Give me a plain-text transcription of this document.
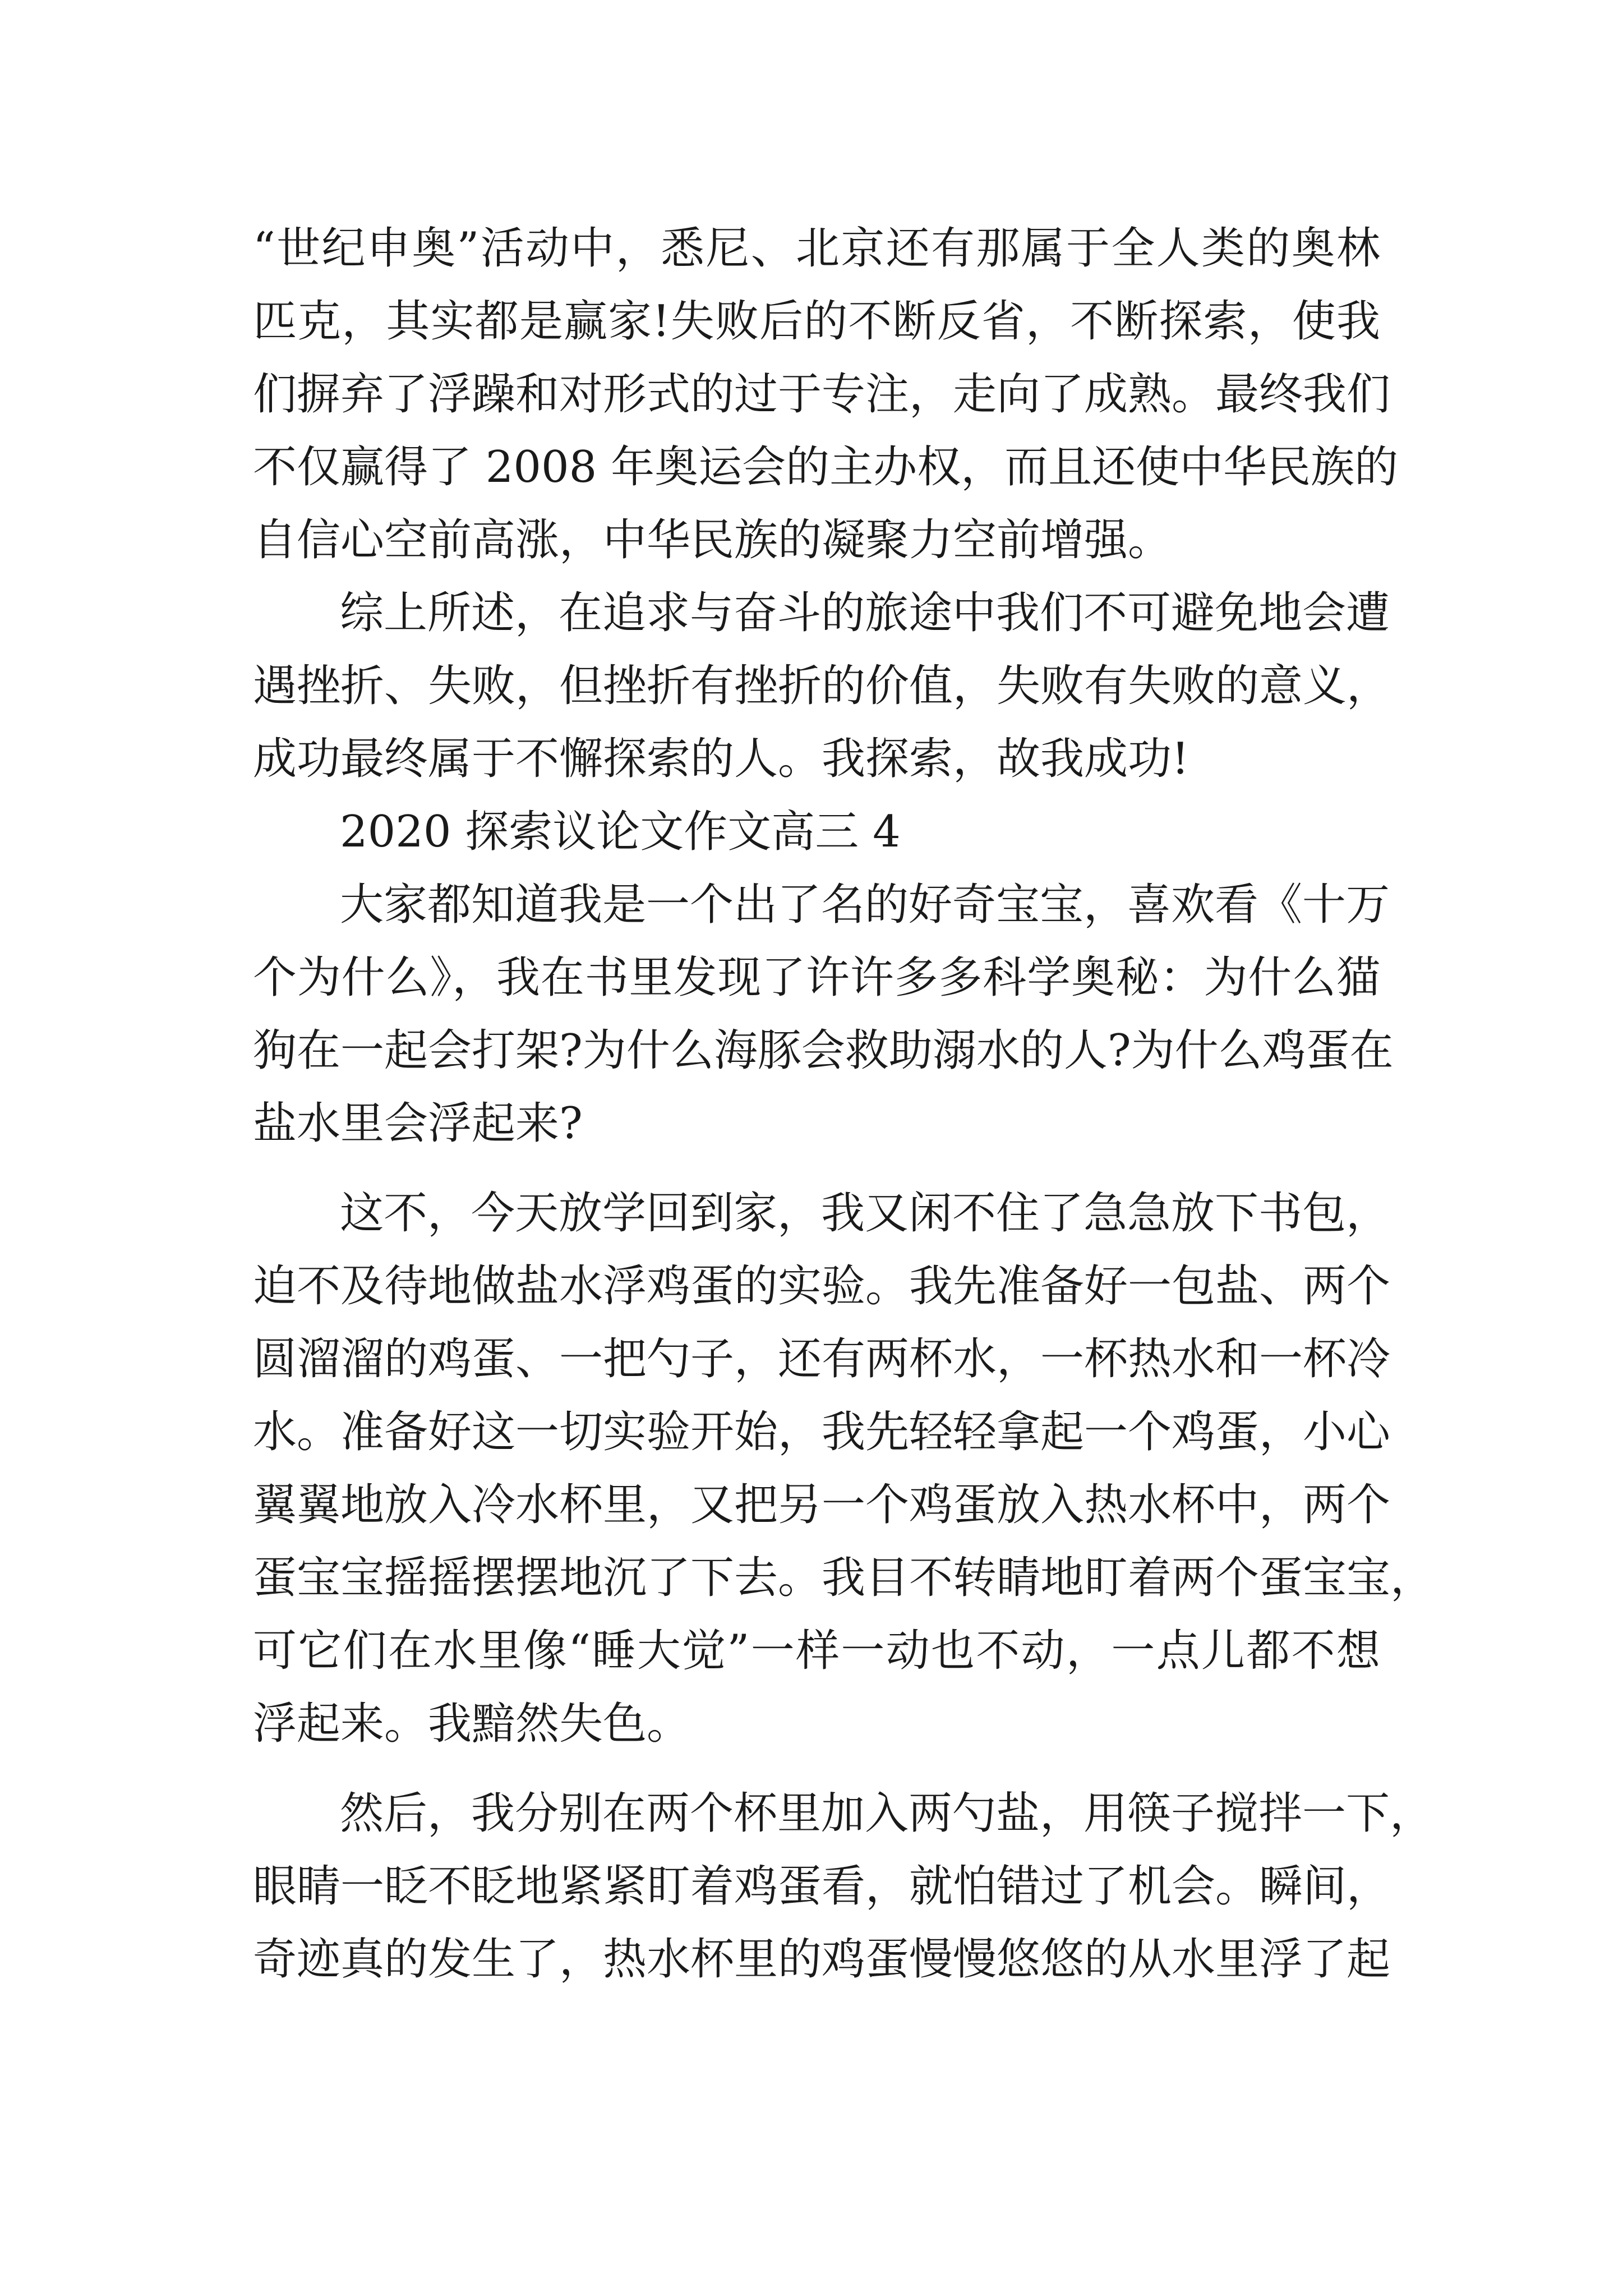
“世纪申奥”活动中，悉尼、北京还有那属于全人类的奥林
匹克，其实都是赢家!失败后的不断反省，不断探索，使我
们摒弃了浮躁和对形式的过于专注，走向了成熟。最终我们
不仅赢得了 2008 年奥运会的主办权，而且还使中华民族的
自信心空前高涨，中华民族的凝聚力空前增强。
综上所述，在追求与奋斗的旅途中我们不可避免地会遭
遇挫折、失败，但挫折有挫折的价值，失败有失败的意义，
成功最终属于不懈探索的人。我探索，故我成功!
2020 探索议论文作文高三 4
大家都知道我是一个出了名的好奇宝宝，喜欢看《十万
个为什么》，我在书里发现了许许多多科学奥秘：为什么猫
狗在一起会打架?为什么海豚会救助溺水的人?为什么鸡蛋在
盐水里会浮起来?
这不，今天放学回到家，我又闲不住了急急放下书包，
迫不及待地做盐水浮鸡蛋的实验。我先准备好一包盐、两个
圆溜溜的鸡蛋、一把勺子，还有两杯水，一杯热水和一杯冷
水。准备好这一切实验开始，我先轻轻拿起一个鸡蛋，小心
翼翼地放入冷水杯里，又把另一个鸡蛋放入热水杯中，两个
蛋宝宝摇摇摆摆地沉了下去。我目不转睛地盯着两个蛋宝宝，
可它们在水里像“睡大觉”一样一动也不动，一点儿都不想
浮起来。我黯然失色。
然后，我分别在两个杯里加入两勺盐，用筷子搅拌一下，
眼睛一眨不眨地紧紧盯着鸡蛋看，就怕错过了机会。瞬间，
奇迹真的发生了，热水杯里的鸡蛋慢慢悠悠的从水里浮了起
